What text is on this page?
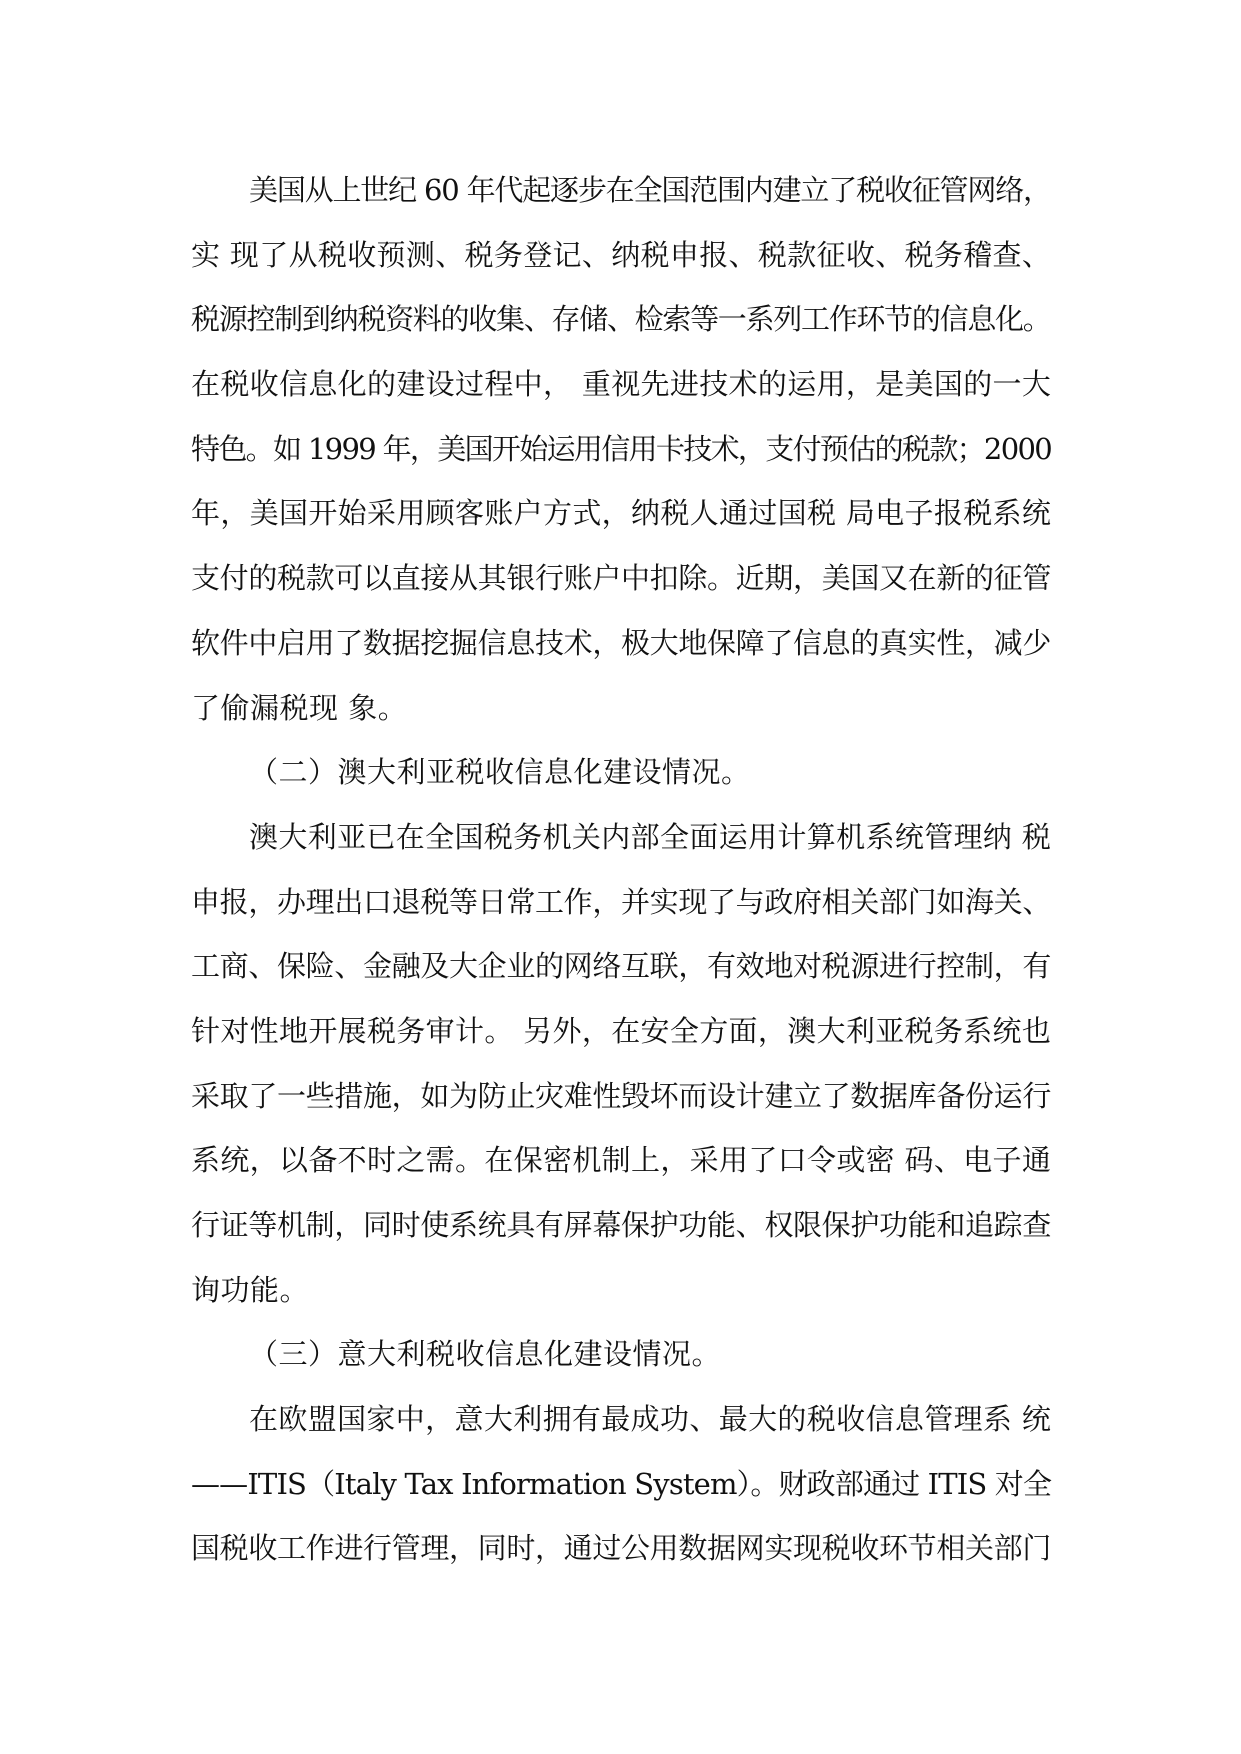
美国从上世纪 60 年代起逐步在全国范围内建立了税收征管网络，
实 现了从税收预测、税务登记、纳税申报、税款征收、税务稽查、
税源控制到纳税资料的收集、存储、检索等一系列工作环节的信息化。
在税收信息化的建设过程中， 重视先进技术的运用，是美国的一大
特色。如 1999 年，美国开始运用信用卡技术，支付预估的税款；2000
年，美国开始采用顾客账户方式，纳税人通过国税 局电子报税系统
支付的税款可以直接从其银行账户中扣除。近期，美国又在新的征管
软件中启用了数据挖掘信息技术，极大地保障了信息的真实性，减少
了偷漏税现 象。
（二）澳大利亚税收信息化建设情况。
澳大利亚已在全国税务机关内部全面运用计算机系统管理纳 税
申报，办理出口退税等日常工作，并实现了与政府相关部门如海关、
工商、保险、金融及大企业的网络互联，有效地对税源进行控制，有
针对性地开展税务审计。 另外，在安全方面，澳大利亚税务系统也
采取了一些措施，如为防止灾难性毁坏而设计建立了数据库备份运行
系统，以备不时之需。在保密机制上，采用了口令或密 码、电子通
行证等机制，同时使系统具有屏幕保护功能、权限保护功能和追踪查
询功能。
（三）意大利税收信息化建设情况。
在欧盟国家中，意大利拥有最成功、最大的税收信息管理系 统
——ITIS（Italy Tax Information System）。财政部通过 ITIS 对全
国税收工作进行管理，同时，通过公用数据网实现税收环节相关部门
